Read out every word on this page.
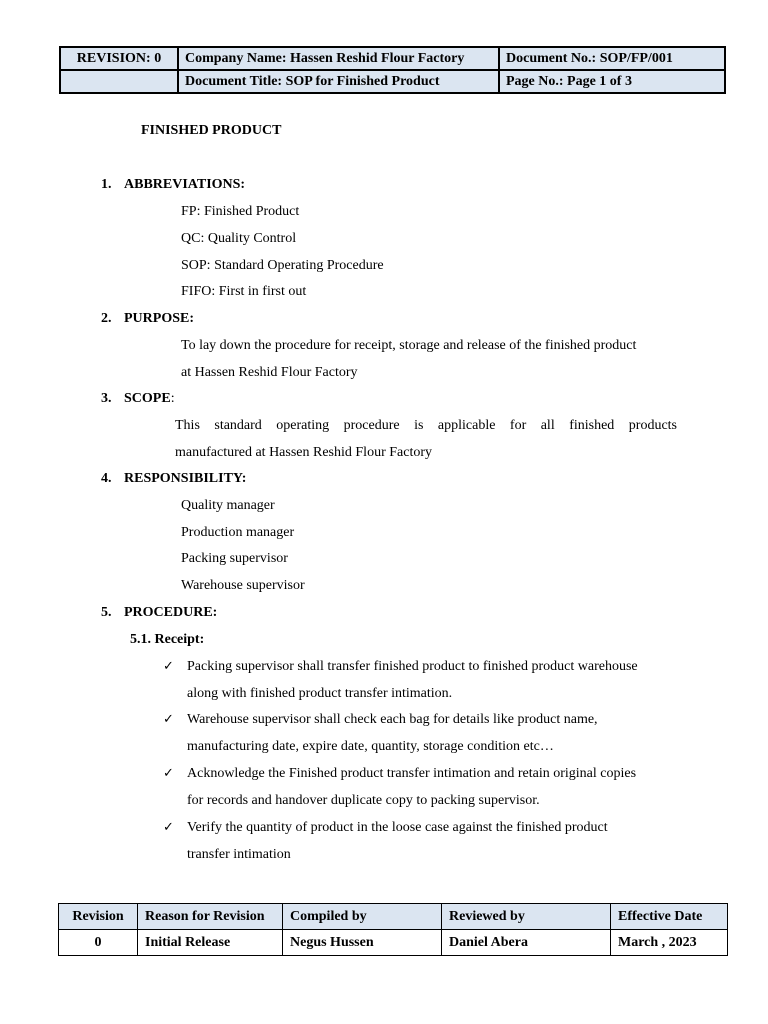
REVISION: 0	Company Name: Hassen Reshid Flour Factory	Document No.: SOP/FP/001
	Document Title: SOP for Finished Product	Page No.: Page 1 of 3
FINISHED PRODUCT
1. ABBREVIATIONS:
FP: Finished Product
QC: Quality Control
SOP: Standard Operating Procedure
FIFO: First in first out
2. PURPOSE:
To lay down the procedure for receipt, storage and release of the finished product
at Hassen Reshid Flour Factory
3. SCOPE:
This standard operating procedure is applicable for all finished products
manufactured at Hassen Reshid Flour Factory
4. RESPONSIBILITY:
Quality manager
Production manager
Packing supervisor
Warehouse supervisor
5. PROCEDURE:
5.1. Receipt:
✓ Packing supervisor shall transfer finished product to finished product warehouse
along with finished product transfer intimation.
✓ Warehouse supervisor shall check each bag for details like product name,
manufacturing date, expire date, quantity, storage condition etc…
✓ Acknowledge the Finished product transfer intimation and retain original copies
for records and handover duplicate copy to packing supervisor.
✓ Verify the quantity of product in the loose case against the finished product
transfer intimation
Revision	Reason for Revision	Compiled by	Reviewed by	Effective Date
0	Initial Release	Negus Hussen	Daniel Abera	March , 2023
